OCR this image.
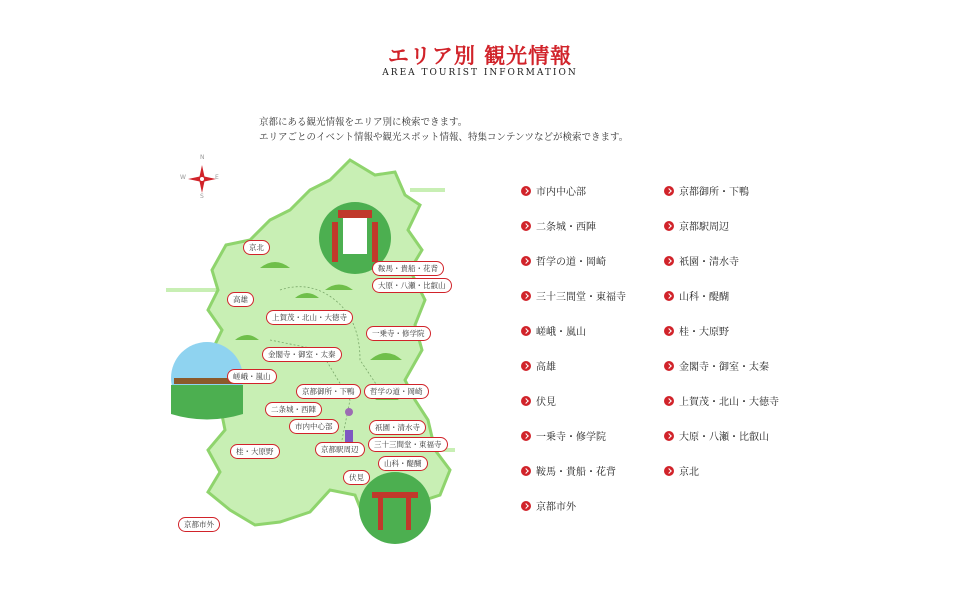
エリア別 観光情報
AREA TOURIST INFORMATION
京都にある観光情報をエリア別に検索できます。
エリアごとのイベント情報や観光スポット情報、特集コンテンツなどが検索できます。
N
S
E
W
京北
鞍馬・貴船・花背
大原・八瀬・比叡山
高雄
上賀茂・北山・大徳寺
一乗寺・修学院
金閣寺・御室・太秦
嵯峨・嵐山
京都御所・下鴨	哲学の道・岡崎
二条城・西陣
市内中心部	祇園・清水寺
京都駅周辺
三十三間堂・東福寺
桂・大原野
山科・醍醐
伏見
京都市外
市内中心部
二条城・西陣
哲学の道・岡崎
三十三間堂・東福寺
嵯峨・嵐山
高雄
伏見
一乗寺・修学院
鞍馬・貴船・花背
京都市外
京都御所・下鴨
京都駅周辺
祇園・清水寺
山科・醍醐
桂・大原野
金閣寺・御室・太秦
上賀茂・北山・大徳寺
大原・八瀬・比叡山
京北
